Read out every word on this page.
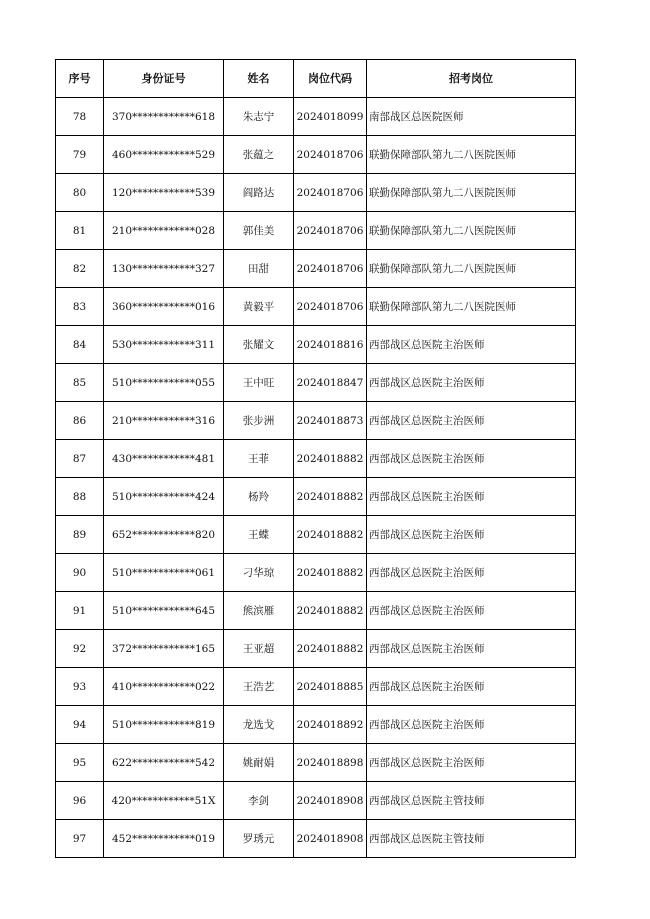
序号	身份证号	姓名	岗位代码	招考岗位
78	370************618	朱志宁	2024018099	南部战区总医院医师
79	460************529	张蕴之	2024018706	联勤保障部队第九二八医院医师
80	120************539	阎路达	2024018706	联勤保障部队第九二八医院医师
81	210************028	郭佳美	2024018706	联勤保障部队第九二八医院医师
82	130************327	田甜	2024018706	联勤保障部队第九二八医院医师
83	360************016	黄毅平	2024018706	联勤保障部队第九二八医院医师
84	530************311	张耀文	2024018816	西部战区总医院主治医师
85	510************055	王中旺	2024018847	西部战区总医院主治医师
86	210************316	张步洲	2024018873	西部战区总医院主治医师
87	430************481	王菲	2024018882	西部战区总医院主治医师
88	510************424	杨羚	2024018882	西部战区总医院主治医师
89	652************820	王蝶	2024018882	西部战区总医院主治医师
90	510************061	刁华琼	2024018882	西部战区总医院主治医师
91	510************645	熊滨雁	2024018882	西部战区总医院主治医师
92	372************165	王亚超	2024018882	西部战区总医院主治医师
93	410************022	王浩艺	2024018885	西部战区总医院主治医师
94	510************819	龙选戈	2024018892	西部战区总医院主治医师
95	622************542	姚耐娟	2024018898	西部战区总医院主治医师
96	420************51X	李剑	2024018908	西部战区总医院主管技师
97	452************019	罗琇元	2024018908	西部战区总医院主管技师
